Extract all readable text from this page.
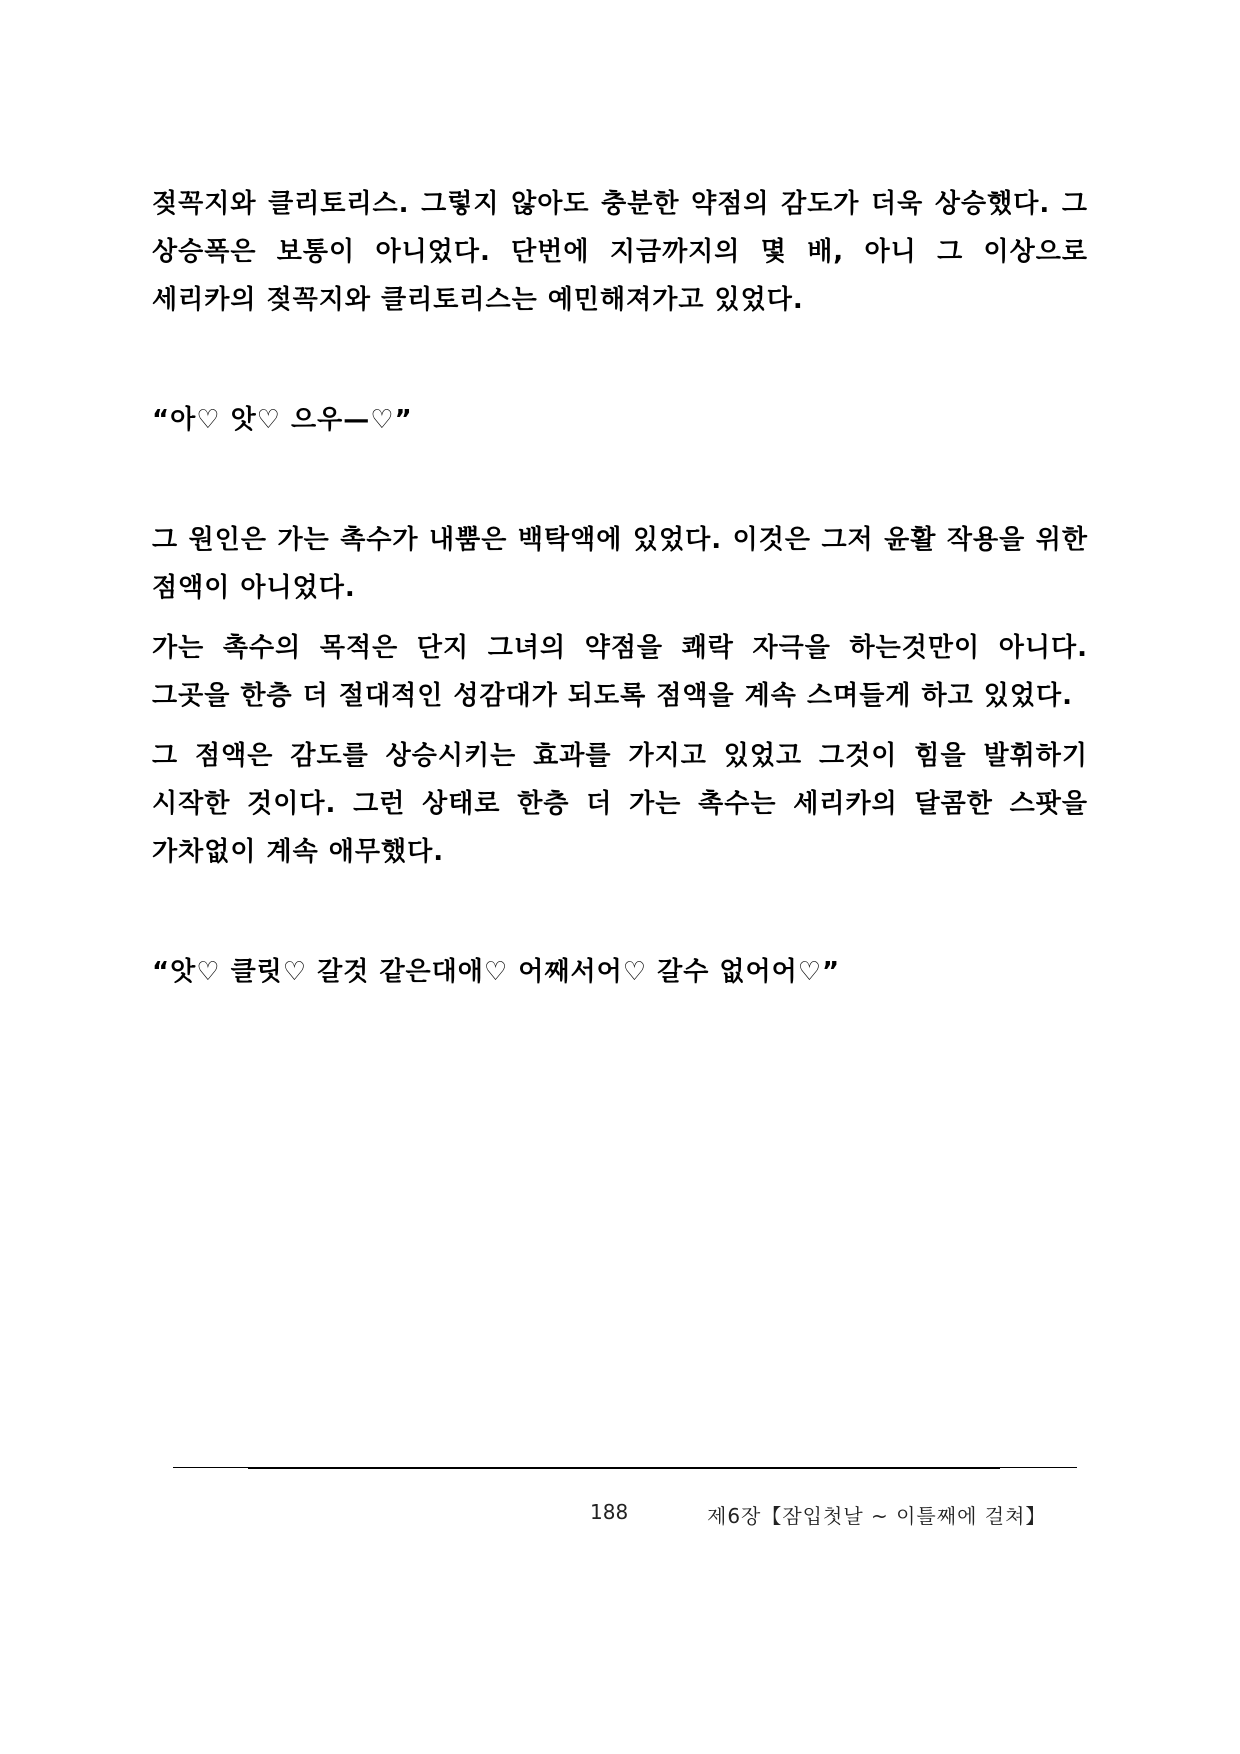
젖꼭지와 클리토리스. 그렇지 않아도 충분한 약점의 감도가 더욱 상승했다. 그 상승폭은 보통이 아니었다. 단번에 지금까지의 몇 배, 아니 그 이상으로 세리카의 젖꼭지와 클리토리스는 예민해져가고 있었다.

“아♡ 앗♡ 으우—♡”

그 원인은 가는 촉수가 내뿜은 백탁액에 있었다. 이것은 그저 윤활 작용을 위한 점액이 아니었다.

가는 촉수의 목적은 단지 그녀의 약점을 쾌락 자극을 하는것만이 아니다. 그곳을 한층 더 절대적인 성감대가 되도록 점액을 계속 스며들게 하고 있었다.

그 점액은 감도를 상승시키는 효과를 가지고 있었고 그것이 힘을 발휘하기 시작한 것이다. 그런 상태로 한층 더 가는 촉수는 세리카의 달콤한 스팟을 가차없이 계속 애무했다.

“앗♡ 클릿♡ 갈것 같은대애♡ 어째서어♡ 갈수 없어어♡”

188	제6장【잠입첫날 ~ 이틀째에 걸쳐】
